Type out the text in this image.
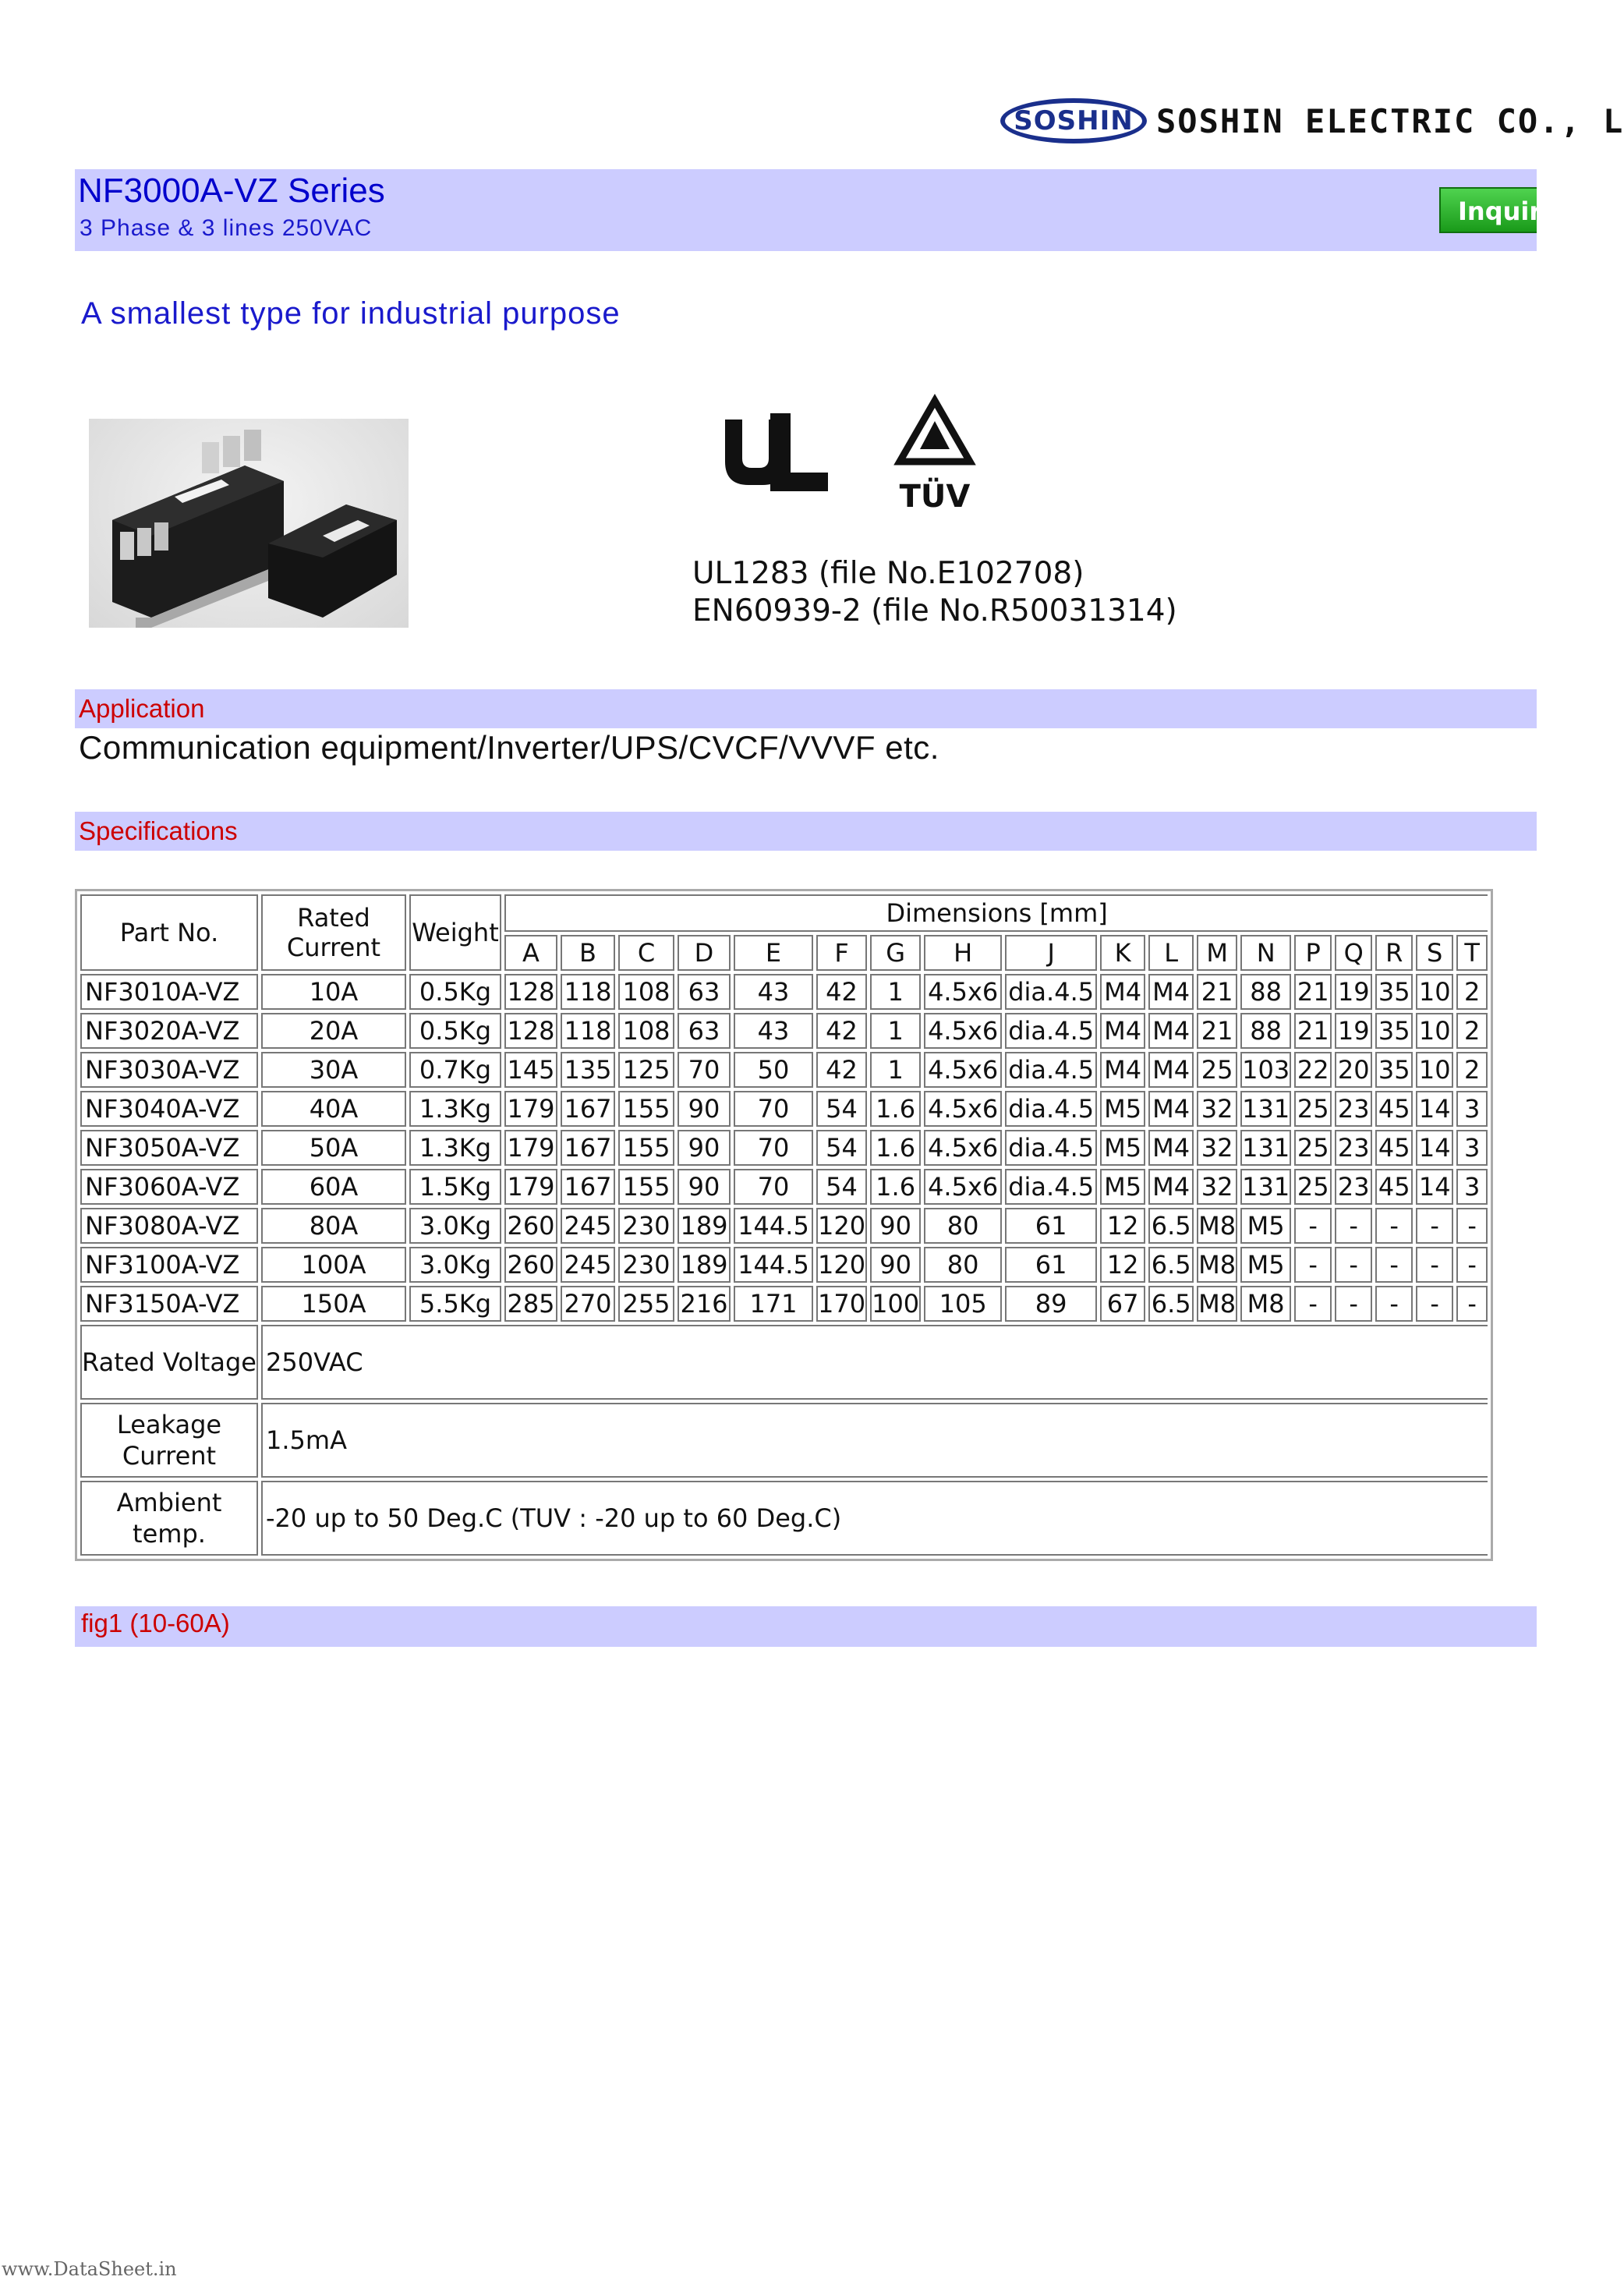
SOSHIN SOSHIN ELECTRIC CO., L
NF3000A-VZ Series
3 Phase & 3 lines 250VAC
Inquiry
A smallest type for industrial purpose
TÜV
UL1283 (file No.E102708)
EN60939-2 (file No.R50031314)
Application
Communication equipment/Inverter/UPS/CVCF/VVVF etc.
Specifications
Part No.	Rated Current	Weight	Dimensions [mm]																	
			A	B	C	D	E	F	G	H	J	K	L	M	N	P	Q	R	S	T
NF3010A-VZ	10A	0.5Kg	128	118	108	63	43	42	1	4.5x6	dia.4.5	M4	M4	21	88	21	19	35	10	2
NF3020A-VZ	20A	0.5Kg	128	118	108	63	43	42	1	4.5x6	dia.4.5	M4	M4	21	88	21	19	35	10	2
NF3030A-VZ	30A	0.7Kg	145	135	125	70	50	42	1	4.5x6	dia.4.5	M4	M4	25	103	22	20	35	10	2
NF3040A-VZ	40A	1.3Kg	179	167	155	90	70	54	1.6	4.5x6	dia.4.5	M5	M4	32	131	25	23	45	14	3
NF3050A-VZ	50A	1.3Kg	179	167	155	90	70	54	1.6	4.5x6	dia.4.5	M5	M4	32	131	25	23	45	14	3
NF3060A-VZ	60A	1.5Kg	179	167	155	90	70	54	1.6	4.5x6	dia.4.5	M5	M4	32	131	25	23	45	14	3
NF3080A-VZ	80A	3.0Kg	260	245	230	189	144.5	120	90	80	61	12	6.5	M8	M5	-	-	-	-	-
NF3100A-VZ	100A	3.0Kg	260	245	230	189	144.5	120	90	80	61	12	6.5	M8	M5	-	-	-	-	-
NF3150A-VZ	150A	5.5Kg	285	270	255	216	171	170	100	105	89	67	6.5	M8	M8	-	-	-	-	-
Rated Voltage	250VAC																			
Leakage Current	1.5mA																			
Ambient temp.	-20 up to 50 Deg.C (TUV : -20 up to 60 Deg.C)																			
fig1 (10-60A)
www.DataSheet.in
